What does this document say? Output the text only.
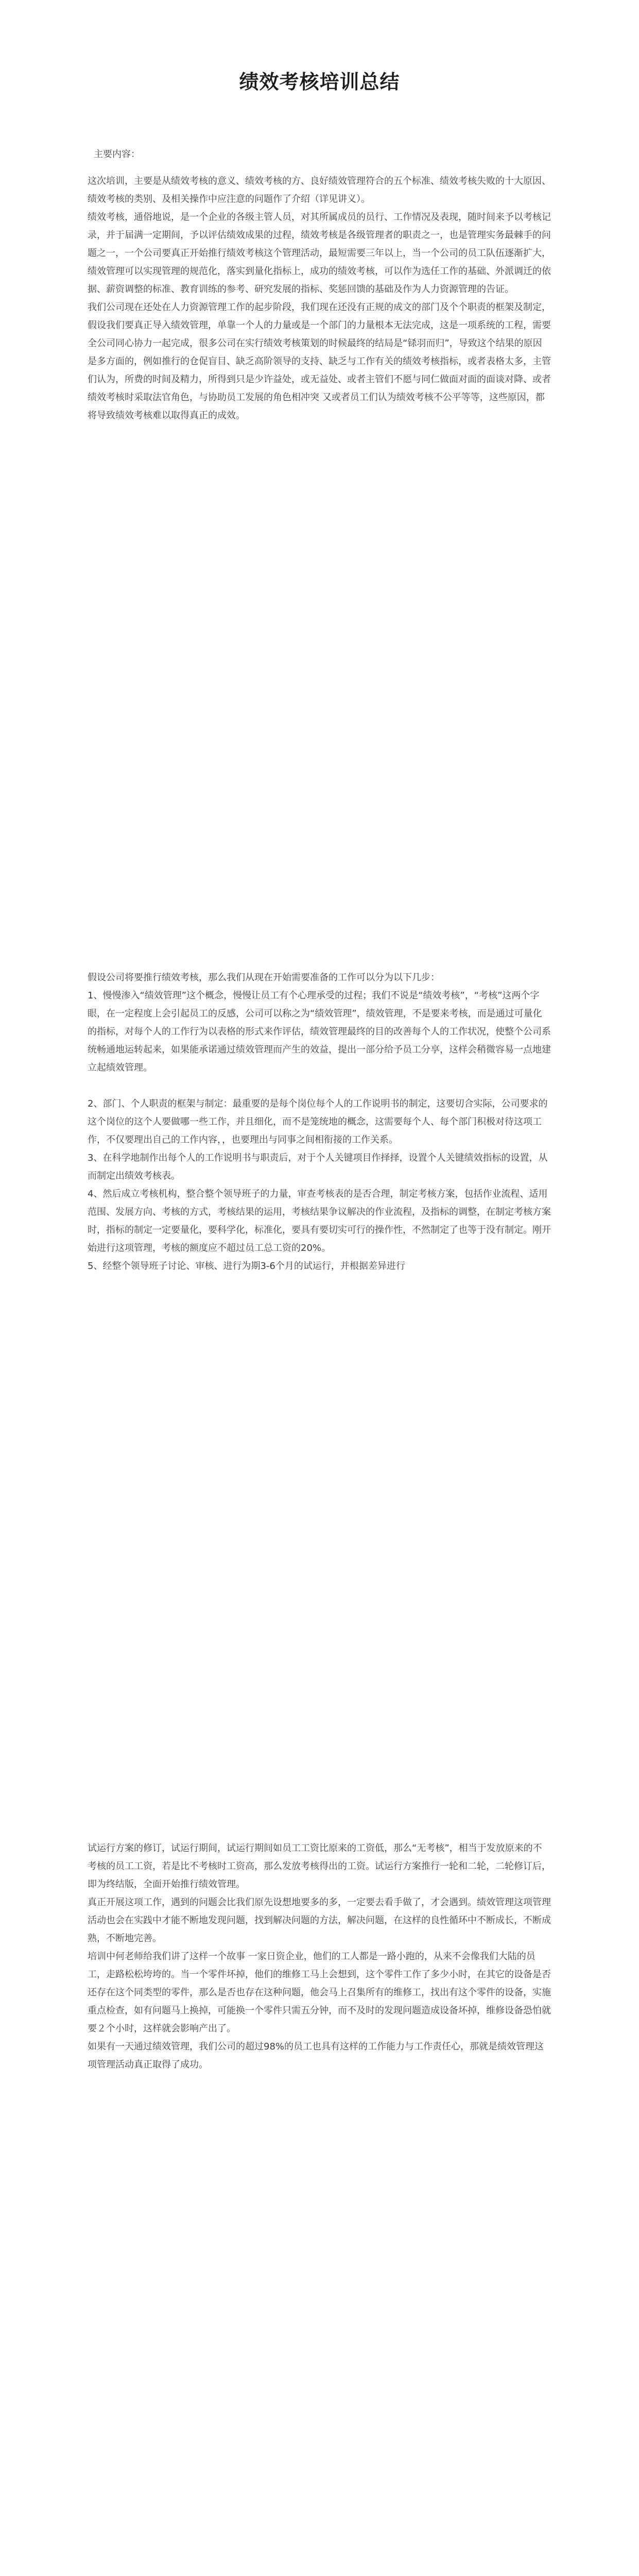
绩效考核培训总结

主要内容：

这次培训，主要是从绩效考核的意义、绩效考核的方、良好绩效管理符合的五个标准、绩效考核失败的十大原因、绩效考核的类别、及相关操作中应注意的问题作了介绍（详见讲义）。

绩效考核，通俗地说，是一个企业的各级主管人员，对其所属成员的员行、工作情况及表现，随时间来予以考核记录，并于届满一定期间，予以评估绩效成果的过程，绩效考核是各级管理者的职责之一，也是管理实务最棘手的问题之一，一个公司要真正开始推行绩效考核这个管理活动，最短需要三年以上，当一个公司的员工队伍逐渐扩大，绩效管理可以实现管理的规范化，落实到量化指标上，成功的绩效考核，可以作为选任工作的基础、外派调迁的依据、薪资调整的标准、教育训练的参考、研究发展的指标、奖惩回馈的基础及作为人力资源管理的告证。

我们公司现在还处在人力资源管理工作的起步阶段，我们现在还没有正规的成文的部门及个个职责的框架及制定，假设我们要真正导入绩效管理，单靠一个人的力量或是一个部门的力量根本无法完成，这是一项系统的工程，需要全公司同心协力一起完成，很多公司在实行绩效考核策划的时候最终的结局是“铩羽而归”，导致这个结果的原因是多方面的，例如推行的仓促盲目、缺乏高阶领导的支持、缺乏与工作有关的绩效考核指标，或者表格太多，主管们认为，所费的时间及精力，所得到只是少许益处，或无益处、或者主管们不愿与同仁做面对面的面谈对降、或者绩效考核时采取法官角色，与协助员工发展的角色相冲突 又或者员工们认为绩效考核不公平等等，这些原因，都将导致绩效考核难以取得真正的成效。

假设公司将要推行绩效考核，那么我们从现在开始需要准备的工作可以分为以下几步：

1、慢慢渗入“绩效管理”这个概念，慢慢让员工有个心理承受的过程；我们不说是“绩效考核”，“考核”这两个字眼，在一定程度上会引起员工的反感，公司可以称之为“绩效管理”，绩效管理，不是要来考核，而是通过可量化的指标，对每个人的工作行为以表格的形式来作评估，绩效管理最终的目的改善每个人的工作状况，使整个公司系统畅通地运转起来，如果能承诺通过绩效管理而产生的效益，提出一部分给予员工分享，这样会稍微容易一点地建立起绩效管理。

2、部门、个人职责的框架与制定：最重要的是每个岗位每个人的工作说明书的制定，这要切合实际，公司要求的这个岗位的这个人要做哪一些工作，并且细化，而不是笼统地的概念，这需要每个人、每个部门积极对待这项工作，不仅要理出自己的工作内容，，也要理出与同事之间相衔接的工作关系。

3、在科学地制作出每个人的工作说明书与职责后，对于个人关键项目作择择，设置个人关键绩效指标的设置，从而制定出绩效考核表。

4、然后成立考核机构，整合整个领导班子的力量，审查考核表的是否合理，制定考核方案，包括作业流程、适用范围、发展方向、考核的方式，考核结果的运用，考核结果争议解决的作业流程，及指标的调整，在制定考核方案时，指标的制定一定要量化，要科学化，标准化，要具有要切实可行的操作性，不然制定了也等于没有制定。刚开始进行这项管理，考核的额度应不超过员工总工资的20%。

5、经整个领导班子讨论、审核、进行为期3-6个月的试运行，并根据差异进行

试运行方案的修订，试运行期间，试运行期间如员工工资比原来的工资低，那么“无考核”，相当于发放原来的不考核的员工工资，若是比不考核时工资高，那么发放考核得出的工资。试运行方案推行一轮和二轮，二轮修订后，即为终结版，全面开始推行绩效管理。

真正开展这项工作，遇到的问题会比我们原先设想地要多的多，一定要去看手做了，才会遇到。绩效管理这项管理活动也会在实践中才能不断地发现问题，找到解决问题的方法，解决问题，在这样的良性循环中不断成长，不断成熟，不断地完善。

培训中何老师给我们讲了这样一个故事 一家日资企业，他们的工人都是一路小跑的，从来不会像我们大陆的员工，走路松松垮垮的。当一个零件坏掉，他们的维修工马上会想到，这个零件工作了多少小时，在其它的设备是否还存在这个同类型的零件，那么是否也存在这种问题，他会马上召集所有的维修工，找出有这个零件的设备，实施重点检查，如有问题马上换掉，可能换一个零件只需五分钟，而不及时的发现问题造成设备坏掉，维修设备恐怕就要２个小时，这样就会影响产出了。

如果有一天通过绩效管理，我们公司的超过98%的员工也具有这样的工作能力与工作责任心，那就是绩效管理这项管理活动真正取得了成功。
